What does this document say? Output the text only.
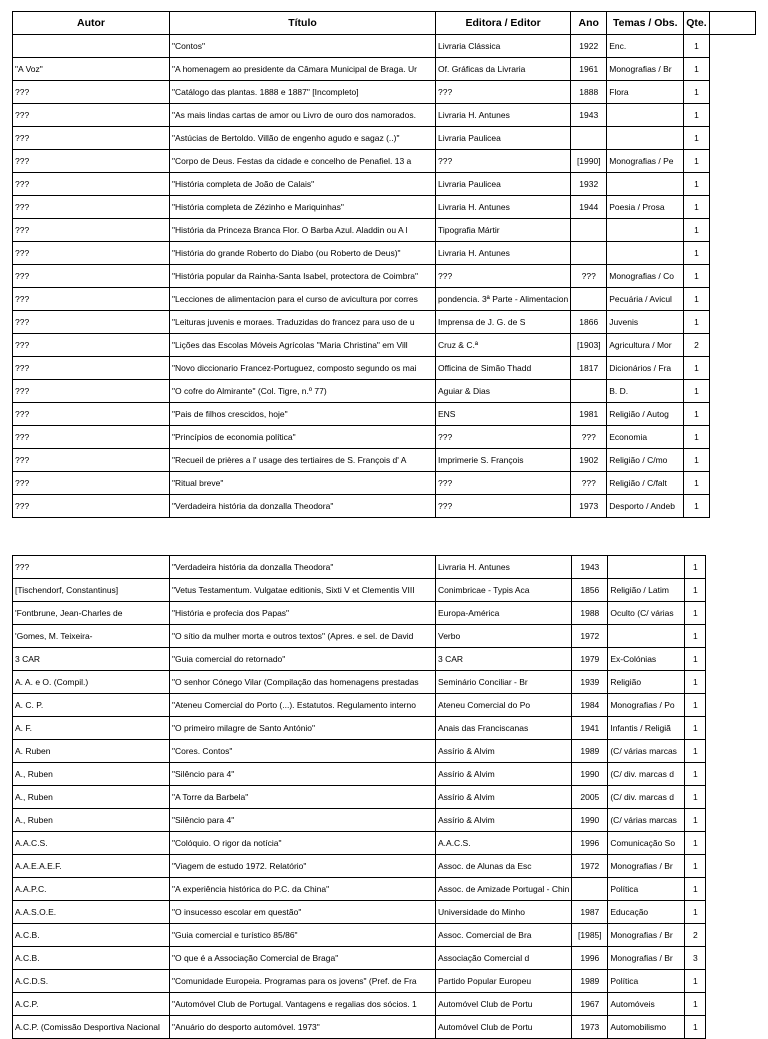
Autor	Título	Editora / Editor	Ano	Temas / Obs.	Qte.	
	"Contos"	Livraria Clássica	1922	Enc.	1	
"A Voz"	"A homenagem ao presidente da Câmara Municipal de Braga. Ur	Of. Gráficas da Livraria	1961	Monografias / Br	1	
???	"Catálogo das plantas. 1888 e 1887" [Incompleto]	???	1888	Flora	1	
???	"As mais lindas cartas de amor ou Livro de ouro dos namorados.	Livraria H. Antunes	1943		1	
???	"Astúcias de Bertoldo. Villão de engenho agudo e sagaz (..)"	Livraria Paulicea			1	
???	"Corpo de Deus. Festas da cidade e concelho de Penafiel. 13 a	???	[1990]	Monografias / Pe	1	
???	"História completa de João de Calais"	Livraria Paulicea	1932		1	
???	"História completa de Zézinho e Mariquinhas"	Livraria H. Antunes	1944	Poesia / Prosa	1	
???	"História da Princeza Branca Flor. O Barba Azul. Aladdin ou A l	Tipografia Mártir			1	
???	"História do grande Roberto do Diabo (ou Roberto de Deus)"	Livraria H. Antunes			1	
???	"História popular da Rainha-Santa Isabel, protectora de Coimbra"	???	???	Monografias / Co	1	
???	"Lecciones de alimentacion para el curso de avicultura por corres	pondencia. 3ª Parte - Alimentacion		Pecuária / Avicul	1	
???	"Leituras juvenis e moraes. Traduzidas do francez para uso de u	Imprensa de J. G. de S	1866	Juvenis	1	
???	"Lições das Escolas Móveis Agrícolas "Maria Christina" em Vill	Cruz & C.ª	[1903]	Agricultura / Mor	2	
???	"Novo diccionario Francez-Portuguez, composto segundo os mai	Officina de Simão Thadd	1817	Dicionários / Fra	1	
???	"O cofre do Almirante" (Col. Tigre, n.º 77)	Aguiar & Dias		B. D.	1	
???	"Pais de filhos crescidos, hoje"	ENS	1981	Religião / Autog	1	
???	"Princípios de economia política"	???	???	Economia	1	
???	"Recueil de prières a l' usage des tertiaires de S. François d' A	Imprimerie S. François	1902	Religião / C/mo	1	
???	"Ritual breve"	???	???	Religião / C/falt	1	
???	"Verdadeira história da donzalla Theodora"	???	1973	Desporto / Andeb	1	
???	"Verdadeira história da donzalla Theodora"	Livraria H. Antunes	1943		1
[Tischendorf, Constantinus]	"Vetus Testamentum. Vulgatae editionis, Sixti V et Clementis VIII	Conimbricae - Typis Aca	1856	Religião / Latim	1
'Fontbrune, Jean-Charles de	"História e profecia dos Papas"	Europa-América	1988	Oculto (C/ várias	1
'Gomes, M. Teixeira-	"O sítio da mulher morta e outros textos" (Apres. e sel. de David	Verbo	1972		1
3 CAR	"Guia comercial do retornado"	3 CAR	1979	Ex-Colónias	1
A. A. e O. (Compil.)	"O senhor Cónego Vilar (Compilação das homenagens prestadas	Seminário Conciliar - Br	1939	Religião	1
A. C. P.	"Ateneu Comercial do Porto (...). Estatutos. Regulamento interno	Ateneu Comercial do Po	1984	Monografias / Po	1
A. F.	"O primeiro milagre de Santo António"	Anais das Franciscanas	1941	Infantis / Religiã	1
A. Ruben	"Cores. Contos"	Assírio & Alvim	1989	(C/ várias marcas	1
A., Ruben	"Silêncio para 4"	Assírio & Alvim	1990	(C/ div. marcas d	1
A., Ruben	"A Torre da Barbela"	Assírio & Alvim	2005	(C/ div. marcas d	1
A., Ruben	"Silêncio para 4"	Assírio & Alvim	1990	(C/ várias marcas	1
A.A.C.S.	"Colóquio. O rigor da notícia"	A.A.C.S.	1996	Comunicação So	1
A.A.E.A.E.F.	"Viagem de estudo 1972. Relatório"	Assoc. de Alunas da Esc	1972	Monografias / Br	1
A.A.P.C.	"A experiência histórica do P.C. da China"	Assoc. de Amizade Portugal - Chin		Política	1
A.A.S.O.E.	"O insucesso escolar em questão"	Universidade do Minho	1987	Educação	1
A.C.B.	"Guia comercial e turístico 85/86"	Assoc. Comercial de Bra	[1985]	Monografias / Br	2
A.C.B.	"O que é a Associação Comercial de Braga"	Associação Comercial d	1996	Monografias / Br	3
A.C.D.S.	"Comunidade Europeia. Programas para os jovens" (Pref. de Fra	Partido Popular Europeu	1989	Política	1
A.C.P.	"Automóvel Club de Portugal. Vantagens e regalias dos sócios. 1	Automóvel Club de Portu	1967	Automóveis	1
A.C.P. (Comissão Desportiva Nacional	"Anuário do desporto automóvel. 1973"	Automóvel Club de Portu	1973	Automobilismo	1
